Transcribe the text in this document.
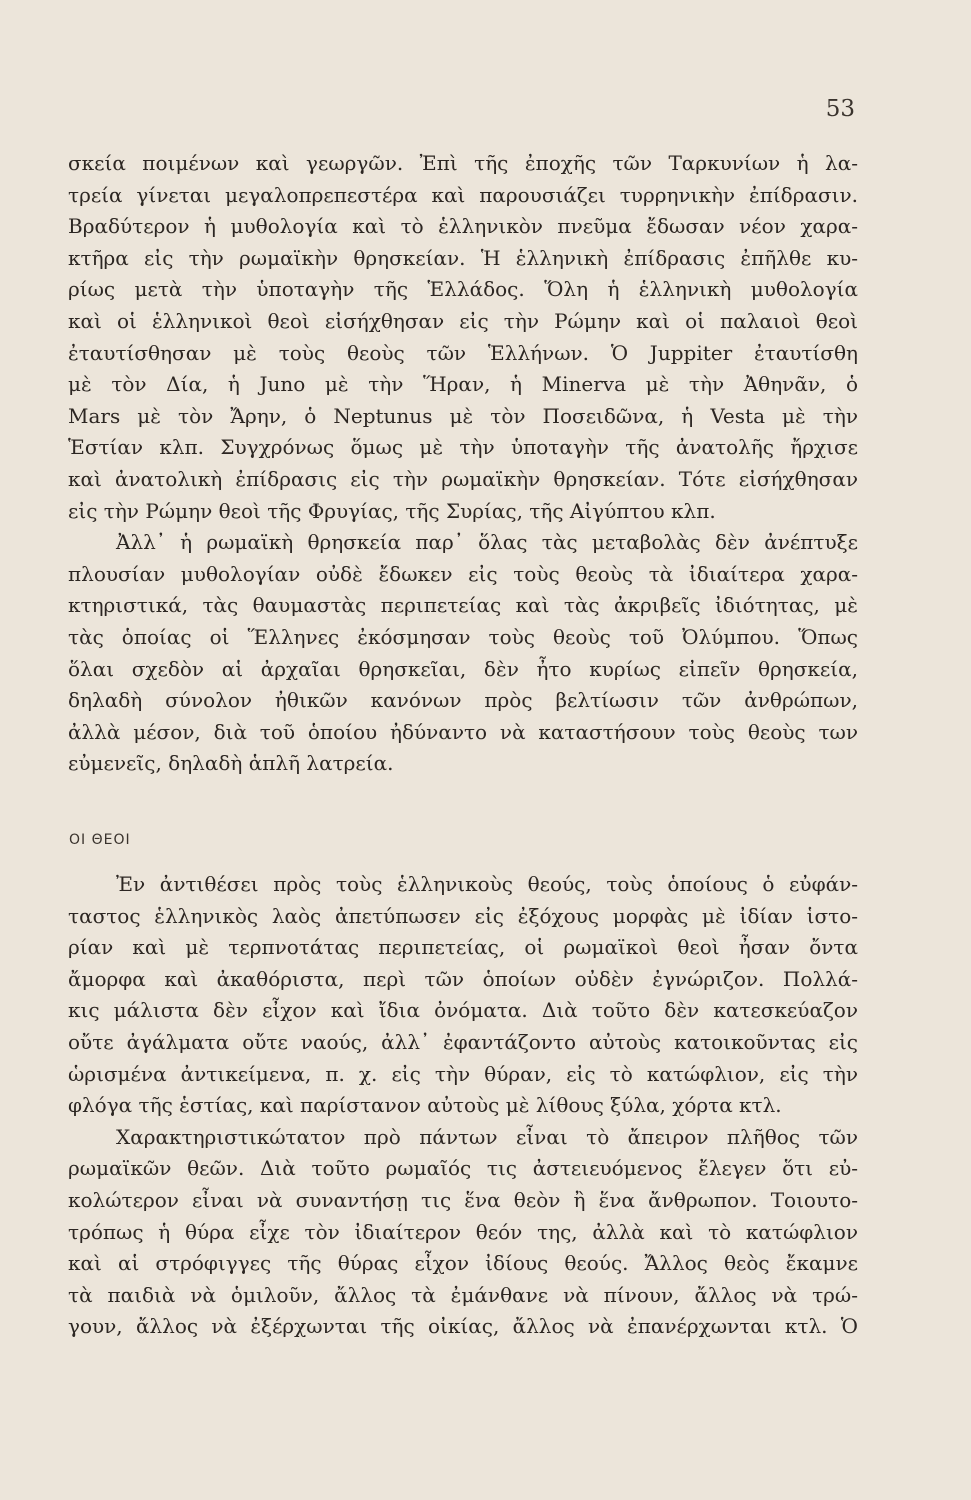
53
σκεία ποιμένων καὶ γεωργῶν. Ἐπὶ τῆς ἐποχῆς τῶν Ταρκυνίων ἡ λα-
τρεία γίνεται μεγαλοπρεπεστέρα καὶ παρουσιάζει τυρρηνικὴν ἐπίδρασιν.
Βραδύτερον ἡ μυθολογία καὶ τὸ ἑλληνικὸν πνεῦμα ἔδωσαν νέον χαρα-
κτῆρα εἰς τὴν ρωμαϊκὴν θρησκείαν. Ἡ ἑλληνικὴ ἐπίδρασις ἐπῆλθε κυ-
ρίως μετὰ τὴν ὑποταγὴν τῆς Ἑλλάδος. Ὅλη ἡ ἑλληνικὴ μυθολογία
καὶ οἱ ἑλληνικοὶ θεοὶ εἰσήχθησαν εἰς τὴν Ρώμην καὶ οἱ παλαιοὶ θεοὶ
ἐταυτίσθησαν μὲ τοὺς θεοὺς τῶν Ἑλλήνων. Ὁ Juppiter ἐταυτίσθη
μὲ τὸν Δία, ἡ Juno μὲ τὴν Ἥραν, ἡ Minerva μὲ τὴν Ἀθηνᾶν, ὁ
Mars μὲ τὸν Ἄρην, ὁ Neptunus μὲ τὸν Ποσειδῶνα, ἡ Vesta μὲ τὴν
Ἑστίαν κλπ. Συγχρόνως ὅμως μὲ τὴν ὑποταγὴν τῆς ἀνατολῆς ἤρχισε
καὶ ἀνατολικὴ ἐπίδρασις εἰς τὴν ρωμαϊκὴν θρησκείαν. Τότε εἰσήχθησαν
εἰς τὴν Ρώμην θεοὶ τῆς Φρυγίας, τῆς Συρίας, τῆς Αἰγύπτου κλπ.
Ἀλλ᾿ ἡ ρωμαϊκὴ θρησκεία παρ᾿ ὅλας τὰς μεταβολὰς δὲν ἀνέπτυξε
πλουσίαν μυθολογίαν οὐδὲ ἔδωκεν εἰς τοὺς θεοὺς τὰ ἰδιαίτερα χαρα-
κτηριστικά, τὰς θαυμαστὰς περιπετείας καὶ τὰς ἀκριβεῖς ἰδιότητας, μὲ
τὰς ὁποίας οἱ Ἕλληνες ἐκόσμησαν τοὺς θεοὺς τοῦ Ὀλύμπου. Ὅπως
ὅλαι σχεδὸν αἱ ἀρχαῖαι θρησκεῖαι, δὲν ἦτο κυρίως εἰπεῖν θρησκεία,
δηλαδὴ σύνολον ἠθικῶν κανόνων πρὸς βελτίωσιν τῶν ἀνθρώπων,
ἀλλὰ μέσον, διὰ τοῦ ὁποίου ἠδύναντο νὰ καταστήσουν τοὺς θεοὺς των
εὐμενεῖς, δηλαδὴ ἁπλῆ λατρεία.
ΟΙ ΘΕΟΙ
Ἐν ἀντιθέσει πρὸς τοὺς ἑλληνικοὺς θεούς, τοὺς ὁποίους ὁ εὐφάν-
ταστος ἑλληνικὸς λαὸς ἀπετύπωσεν εἰς ἐξόχους μορφὰς μὲ ἰδίαν ἱστο-
ρίαν καὶ μὲ τερπνοτάτας περιπετείας, οἱ ρωμαϊκοὶ θεοὶ ἦσαν ὄντα
ἄμορφα καὶ ἀκαθόριστα, περὶ τῶν ὁποίων οὐδὲν ἐγνώριζον. Πολλά-
κις μάλιστα δὲν εἶχον καὶ ἴδια ὀνόματα. Διὰ τοῦτο δὲν κατεσκεύαζον
οὔτε ἀγάλματα οὔτε ναούς, ἀλλ᾿ ἐφαντάζοντο αὐτοὺς κατοικοῦντας εἰς
ὡρισμένα ἀντικείμενα, π. χ. εἰς τὴν θύραν, εἰς τὸ κατώφλιον, εἰς τὴν
φλόγα τῆς ἑστίας, καὶ παρίστανον αὐτοὺς μὲ λίθους ξύλα, χόρτα κτλ.
Χαρακτηριστικώτατον πρὸ πάντων εἶναι τὸ ἄπειρον πλῆθος τῶν
ρωμαϊκῶν θεῶν. Διὰ τοῦτο ρωμαῖός τις ἀστειευόμενος ἔλεγεν ὅτι εὐ-
κολώτερον εἶναι νὰ συναντήσῃ τις ἕνα θεὸν ἢ ἕνα ἄνθρωπον. Τοιουτο-
τρόπως ἡ θύρα εἶχε τὸν ἰδιαίτερον θεόν της, ἀλλὰ καὶ τὸ κατώφλιον
καὶ αἱ στρόφιγγες τῆς θύρας εἶχον ἰδίους θεούς. Ἄλλος θεὸς ἔκαμνε
τὰ παιδιὰ νὰ ὁμιλοῦν, ἄλλος τὰ ἐμάνθανε νὰ πίνουν, ἄλλος νὰ τρώ-
γουν, ἄλλος νὰ ἐξέρχωνται τῆς οἰκίας, ἄλλος νὰ ἐπανέρχωνται κτλ. Ὁ
